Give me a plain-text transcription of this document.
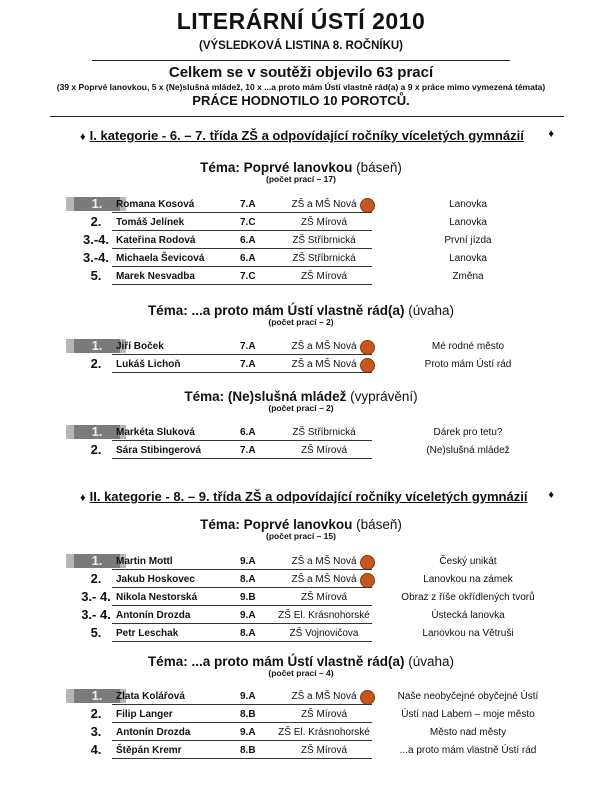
LITERÁRNÍ ÚSTÍ 2010
(VÝSLEDKOVÁ LISTINA 8. ROČNÍKU)
Celkem se v soutěži objevilo 63 prací
(39 x Poprvé lanovkou, 5 x (Ne)slušná mládež, 10 x ...a proto mám Ústí vlastně rád(a) a 9 x práce mimo vymezená témata)
PRÁCE HODNOTILO 10 POROTCŮ.
♦ I. kategorie - 6. – 7. třída ZŠ a odpovídající ročníky víceletých gymnázií ♦
Téma: Poprvé lanovkou (báseň)
(počet prací – 17)
1.	Romana Kosová	7.A	ZŠ a MŠ Nová	Lanovka
2.	Tomáš Jelínek	7.C	ZŠ Mírová	Lanovka
3.-4. Kateřina Rodová	6.A	ZŠ Stříbrnická	První jízda
3.-4. Michaela Ševicová	6.A	ZŠ Stříbrnická	Lanovka
5.	Marek Nesvadba	7.C	ZŠ Mírová	Změna
Téma: ...a proto mám Ústí vlastně rád(a) (úvaha)
(počet prací – 2)
1.	Jiří Boček	7.A	ZŠ a MŠ Nová	Mé rodné město
2.	Lukáš Lichoň	7.A	ZŠ a MŠ Nová	Proto mám Ústí rád
Téma: (Ne)slušná mládež (vyprávění)
(počet prací – 2)
1.	Markéta Sluková	6.A	ZŠ Stříbrnická	Dárek pro tetu?
2.	Sára Stibingerová	7.A	ZŠ Mírová	(Ne)slušná mládež
♦ II. kategorie - 8. – 9. třída ZŠ a odpovídající ročníky víceletých gymnázií ♦
Téma: Poprvé lanovkou (báseň)
(počet prací – 15)
1.	Martin Mottl	9.A	ZŠ a MŠ Nová	Český unikát
2.	Jakub Hoskovec	8.A	ZŠ a MŠ Nová	Lanovkou na zámek
3.- 4. Nikola Nestorská	9.B	ZŠ Mírová	Obraz z říše okřídlených tvorů
3.- 4. Antonín Drozda	9.A ZŠ El. Krásnohorské	Ústecká lanovka
5.	Petr Leschak	8.A	ZŠ Vojnovičova	Lanovkou na Větruši
Téma: ...a proto mám Ústí vlastně rád(a) (úvaha)
(počet prací – 4)
1.	Zlata Kolářová	9.A	ZŠ a MŠ Nová	Naše neobyčejné obyčejné Ústí
2.	Filip Langer	8.B	ZŠ Mírová	Ústí nad Labem – moje město
3.	Antonín Drozda	9.A ZŠ El. Krásnohorské	Město nad městy
4.	Štěpán Kremr	8.B	ZŠ Mírová	...a proto mám vlastně Ústí rád
